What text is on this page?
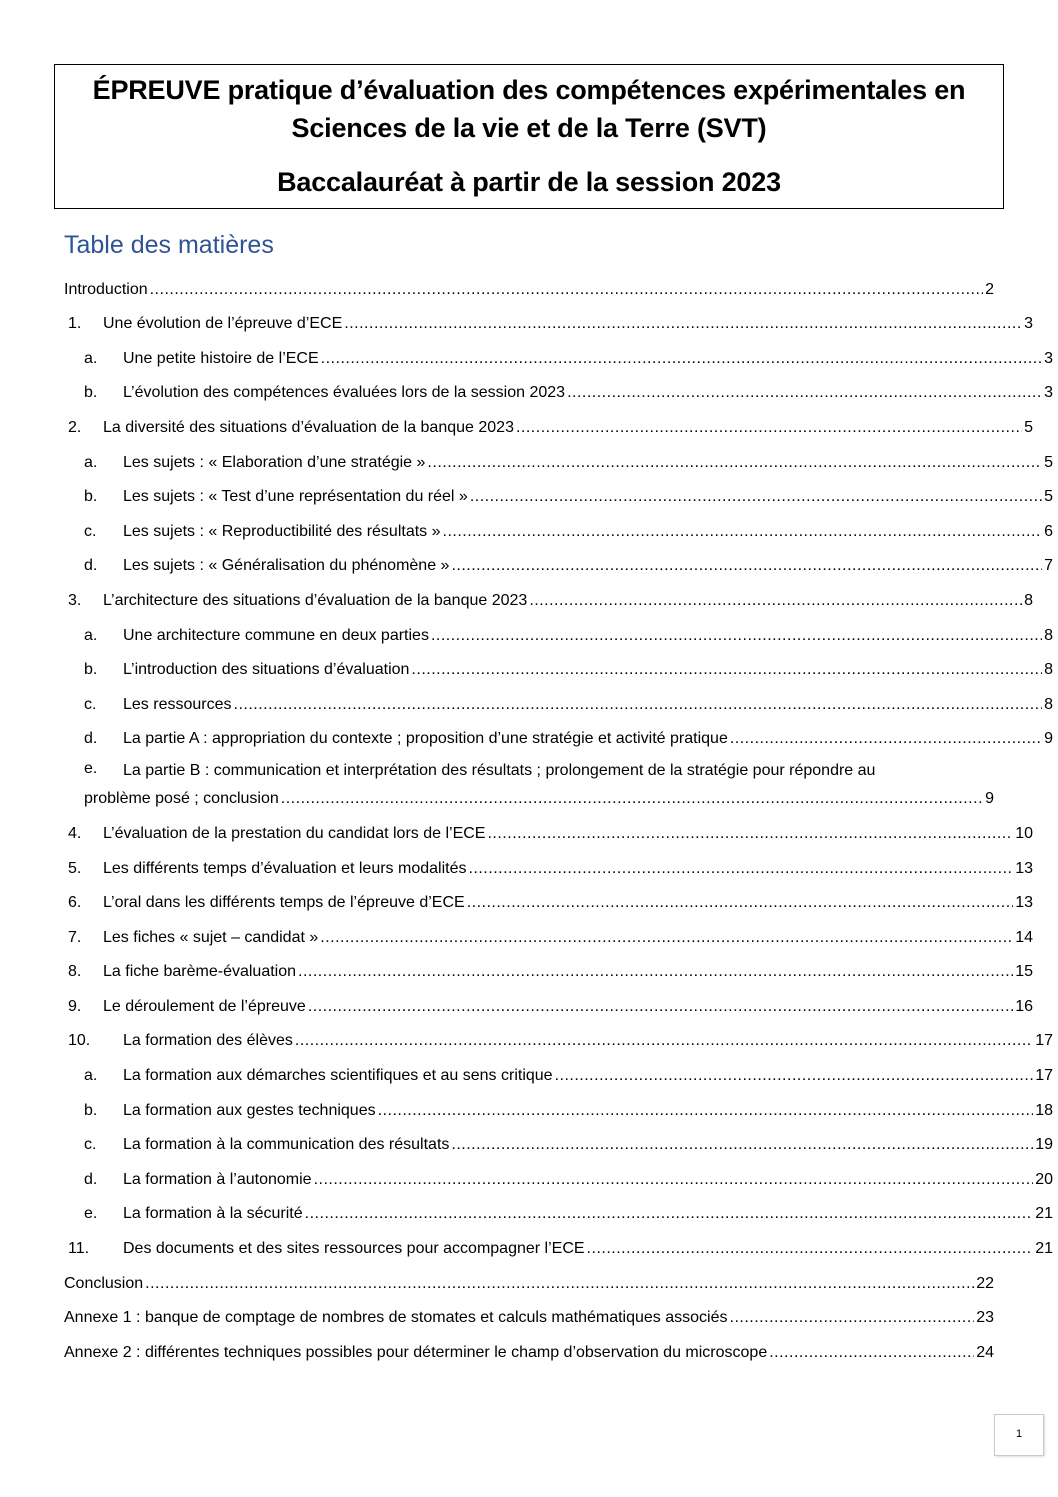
ÉPREUVE pratique d’évaluation des compétences expérimentales en
Sciences de la vie et de la Terre (SVT)
Baccalauréat à partir de la session 2023
Table des matières
Introduction .....	2
1. Une évolution de l’épreuve d’ECE .....	3
a. Une petite histoire de l’ECE .....	3
b. L’évolution des compétences évaluées lors de la session 2023 .....	3
2. La diversité des situations d’évaluation de la banque 2023 .....	5
a. Les sujets : « Elaboration d’une stratégie » .....	5
b. Les sujets : « Test d’une représentation du réel » .....	5
c. Les sujets : « Reproductibilité des résultats » .....	6
d. Les sujets : « Généralisation du phénomène » .....	7
3. L’architecture des situations d’évaluation de la banque 2023 .....	8
a. Une architecture commune en deux parties .....	8
b. L’introduction des situations d’évaluation .....	8
c. Les ressources .....	8
d. La partie A : appropriation du contexte ; proposition d’une stratégie et activité pratique .....	9
e. La partie B : communication et interprétation des résultats ; prolongement de la stratégie pour répondre au
problème posé ; conclusion .....	9
4. L’évaluation de la prestation du candidat lors de l’ECE .....	10
5. Les différents temps d’évaluation et leurs modalités .....	13
6. L’oral dans les différents temps de l’épreuve d’ECE .....	13
7. Les fiches « sujet – candidat » .....	14
8. La fiche barème-évaluation .....	15
9. Le déroulement de l’épreuve .....	16
10. La formation des élèves .....	17
a. La formation aux démarches scientifiques et au sens critique .....	17
b. La formation aux gestes techniques .....	18
c. La formation à la communication des résultats .....	19
d. La formation à l’autonomie .....	20
e. La formation à la sécurité .....	21
11. Des documents et des sites ressources pour accompagner l’ECE .....	21
Conclusion .....	22
Annexe 1 : banque de comptage de nombres de stomates et calculs mathématiques associés .....	23
Annexe 2 : différentes techniques possibles pour déterminer le champ d’observation du microscope .....	24
1
